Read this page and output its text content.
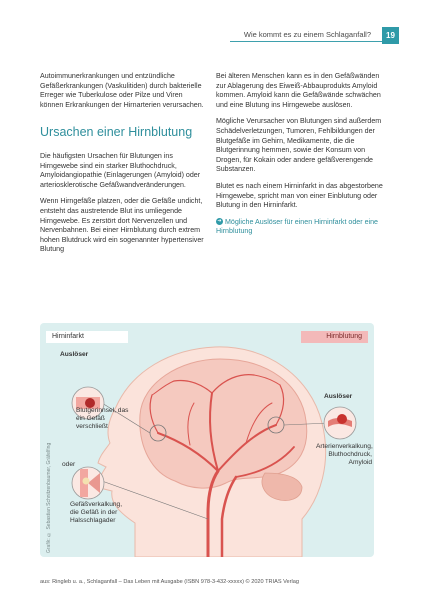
Wie kommt es zu einem Schlaganfall?	19

Autoimmunerkrankungen und entzündliche Gefäßerkrankungen (Vaskulitiden) durch bakterielle Erreger wie Tuberkulose oder Pilze und Viren können Erkrankungen der Hirnarterien verursachen.

Ursachen einer Hirnblutung

Die häufigsten Ursachen für Blutungen ins Hirngewebe sind ein starker Bluthochdruck, Amyloidangiopathie (Einlagerungen (Amyloid) oder arteriosklerotische Gefäßwandveränderungen.

Wenn Hirngefäße platzen, oder die Gefäße undicht, entsteht das austretende Blut ins umliegende Hirngewebe. Es zerstört dort Nervenzellen und Nervenbahnen. Bei einer Hirnblutung durch extrem hohen Blutdruck wird ein sogenannter hypertensiver Blutung

Bei älteren Menschen kann es in den Gefäßwänden zur Ablagerung des Eiweiß-Abbauprodukts Amyloid kommen. Amyloid kann die Gefäßwände schwächen und eine Blutung ins Hirngewebe auslösen.

Mögliche Verursacher von Blutungen sind außerdem Schädelverletzungen, Tumoren, Fehlbildungen der Blutgefäße im Gehirn, Medikamente, die die Blutgerinnung hemmen, sowie der Konsum von Drogen, für Kokain oder andere gefäßverengende Substanzen.

Blutet es nach einem Hirninfarkt in das abgestorbene Hirngewebe, spricht man von einer Einblutung oder Blutung in den Hirninfarkt.

➜ Mögliche Auslöser für einen Hirninfarkt oder eine Hirnblutung

Hirninfarkt	Hirnblutung
Auslöser
Blutgerinnsel, das ein Gefäß verschließt
oder
Gefäßverkalkung, die Gefäß in der Halsschlagader
Auslöser
Arterienverkalkung, Bluthochdruck, Amyloid
Grafik: © Sebastian Schnitzenbaumer, Gräfelfing
aus: Ringleb u. a., Schlaganfall – Das Leben mit Ausgabe (ISBN 978-3-432-xxxxx) © 2020 TRIAS Verlag
